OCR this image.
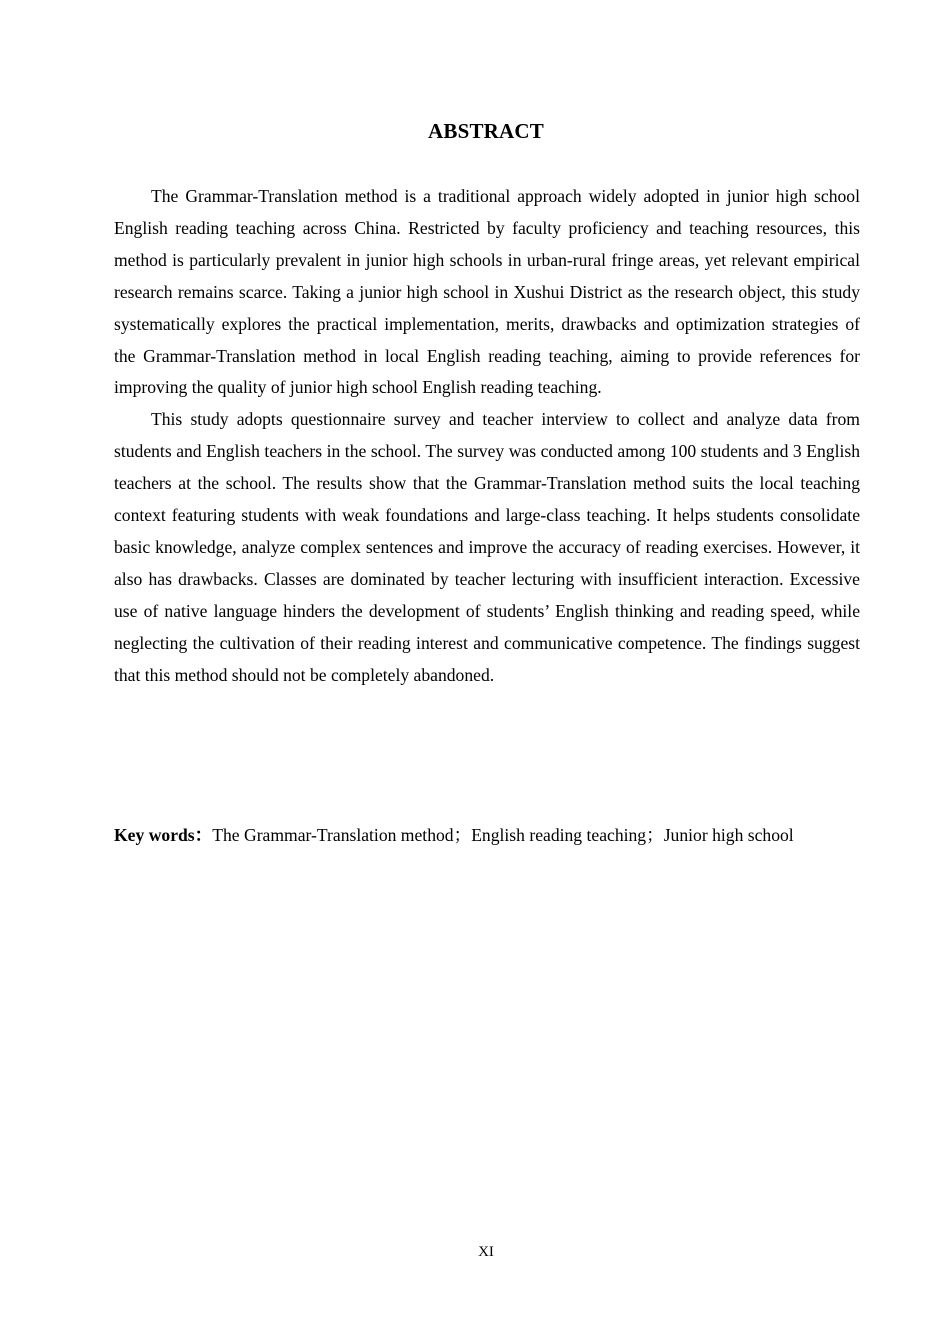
ABSTRACT

The Grammar-Translation method is a traditional approach widely adopted in junior high school English reading teaching across China. Restricted by faculty proficiency and teaching resources, this method is particularly prevalent in junior high schools in urban-rural fringe areas, yet relevant empirical research remains scarce. Taking a junior high school in Xushui District as the research object, this study systematically explores the practical implementation, merits, drawbacks and optimization strategies of the Grammar-Translation method in local English reading teaching, aiming to provide references for improving the quality of junior high school English reading teaching.

This study adopts questionnaire survey and teacher interview to collect and analyze data from students and English teachers in the school. The survey was conducted among 100 students and 3 English teachers at the school. The results show that the Grammar-Translation method suits the local teaching context featuring students with weak foundations and large-class teaching. It helps students consolidate basic knowledge, analyze complex sentences and improve the accuracy of reading exercises. However, it also has drawbacks. Classes are dominated by teacher lecturing with insufficient interaction. Excessive use of native language hinders the development of students’ English thinking and reading speed, while neglecting the cultivation of their reading interest and communicative competence. The findings suggest that this method should not be completely abandoned.

Key words：The Grammar-Translation method；English reading teaching；Junior high school

XI
